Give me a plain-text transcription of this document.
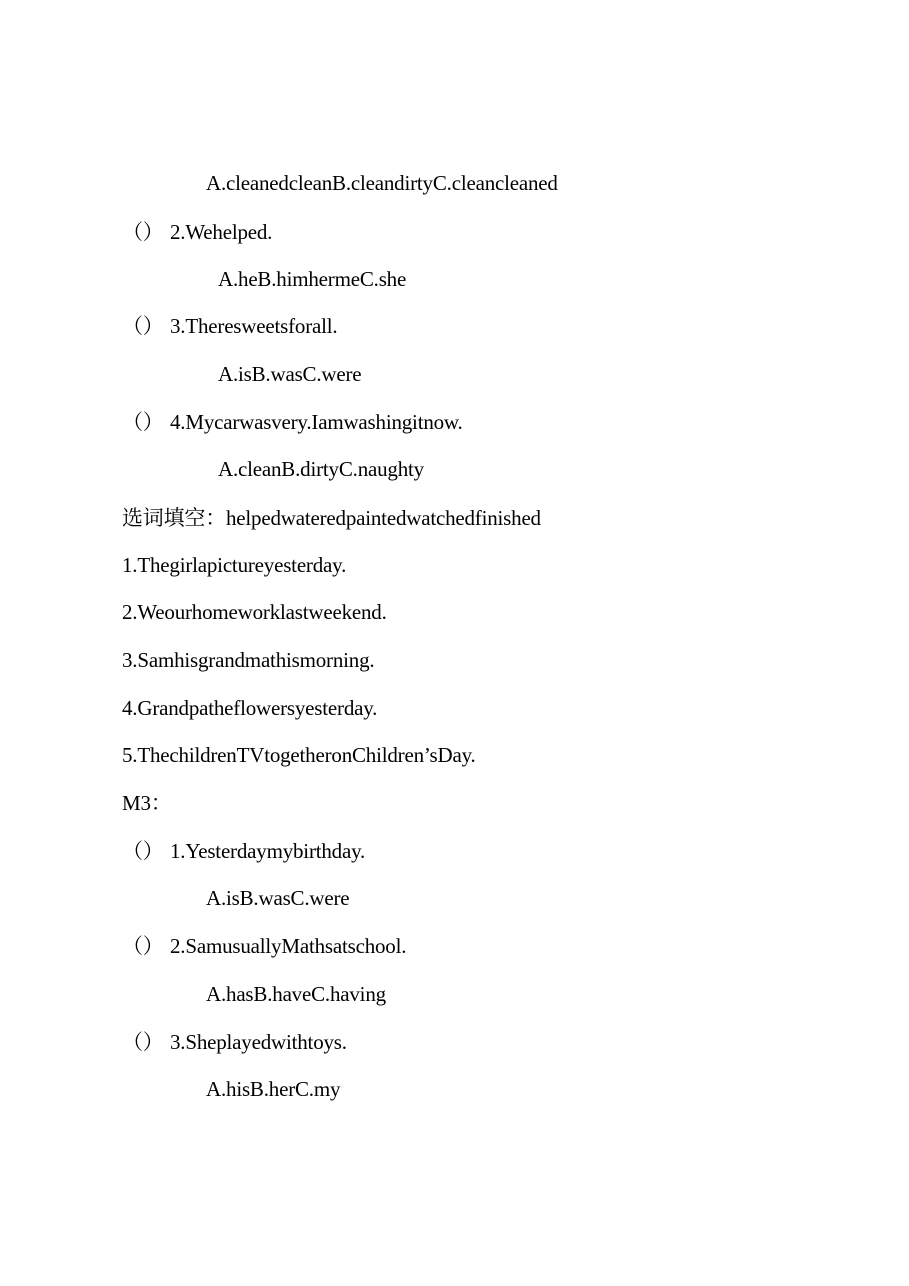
A.cleanedcleanB.cleandirtyC.cleancleaned
（） 2.Wehelped.
A.heB.himhermeC.she
（） 3.Theresweetsforall.
A.isB.wasC.were
（） 4.Mycarwasvery.Iamwashingitnow.
A.cleanB.dirtyC.naughty
选词填空：helpedwateredpaintedwatchedfinished
1.Thegirlapictureyesterday.
2.Weourhomeworklastweekend.
3.Samhisgrandmathismorning.
4.Grandpatheflowersyesterday.
5.ThechildrenTVtogetheronChildren’sDay.
M3：
（） 1.Yesterdaymybirthday.
A.isB.wasC.were
（） 2.SamusuallyMathsatschool.
A.hasB.haveC.having
（） 3.Sheplayedwithtoys.
A.hisB.herC.my
